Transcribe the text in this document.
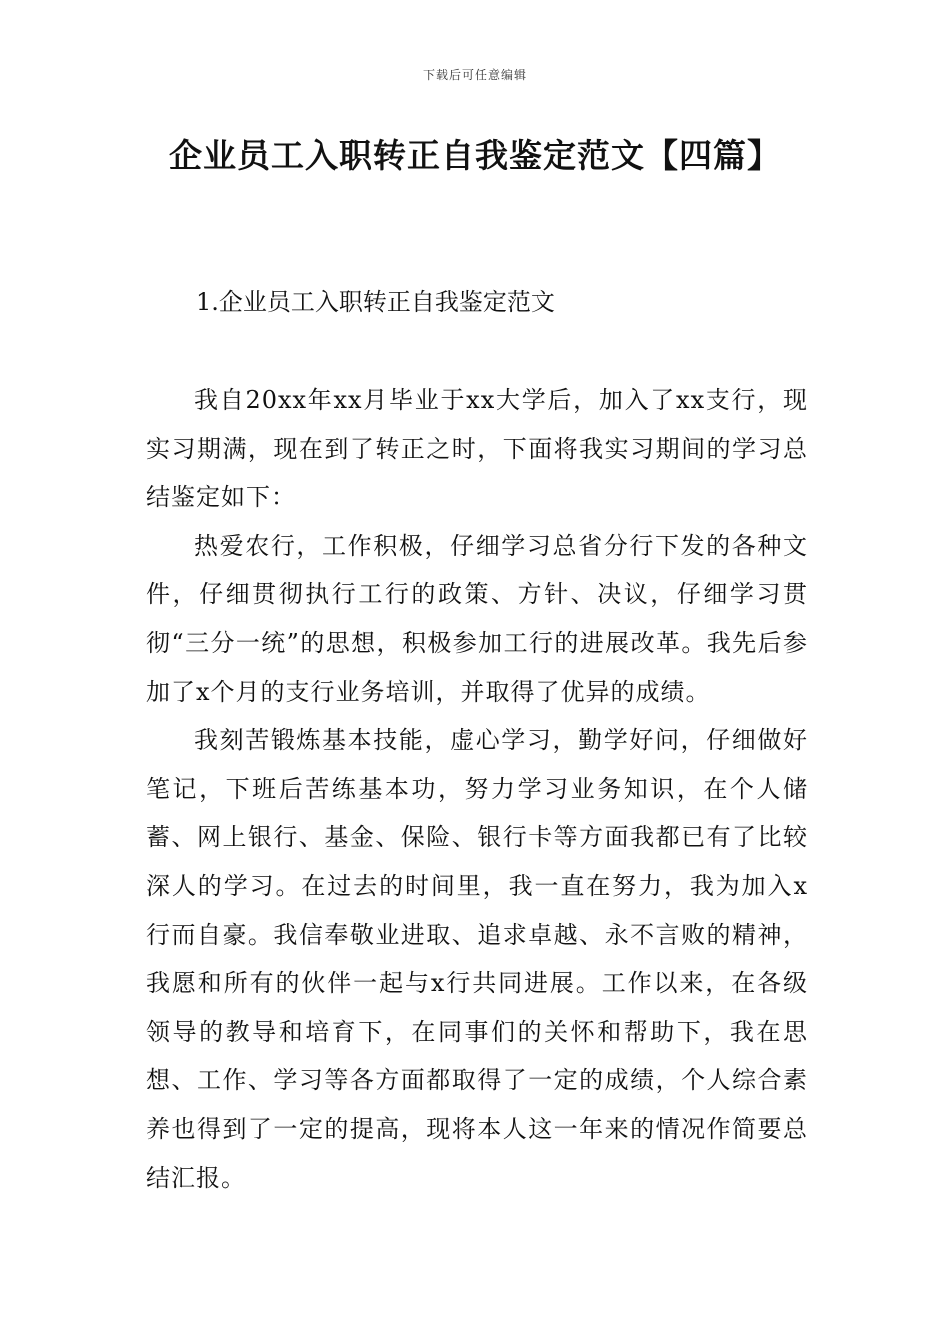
下载后可任意编辑
企业员工入职转正自我鉴定范文【四篇】
1.企业员工入职转正自我鉴定范文

我自20xx年xx月毕业于xx大学后，加入了xx支行，现实习期满，现在到了转正之时，下面将我实习期间的学习总结鉴定如下：

热爱农行，工作积极，仔细学习总省分行下发的各种文件，仔细贯彻执行工行的政策、方针、决议，仔细学习贯彻“三分一统”的思想，积极参加工行的进展改革。我先后参加了x个月的支行业务培训，并取得了优异的成绩。

我刻苦锻炼基本技能，虚心学习，勤学好问，仔细做好笔记，下班后苦练基本功，努力学习业务知识，在个人储蓄、网上银行、基金、保险、银行卡等方面我都已有了比较深人的学习。在过去的时间里，我一直在努力，我为加入x行而自豪。我信奉敬业进取、追求卓越、永不言败的精神，我愿和所有的伙伴一起与x行共同进展。工作以来，在各级领导的教导和培育下，在同事们的关怀和帮助下，我在思想、工作、学习等各方面都取得了一定的成绩，个人综合素养也得到了一定的提高，现将本人这一年来的情况作简要总结汇报。
